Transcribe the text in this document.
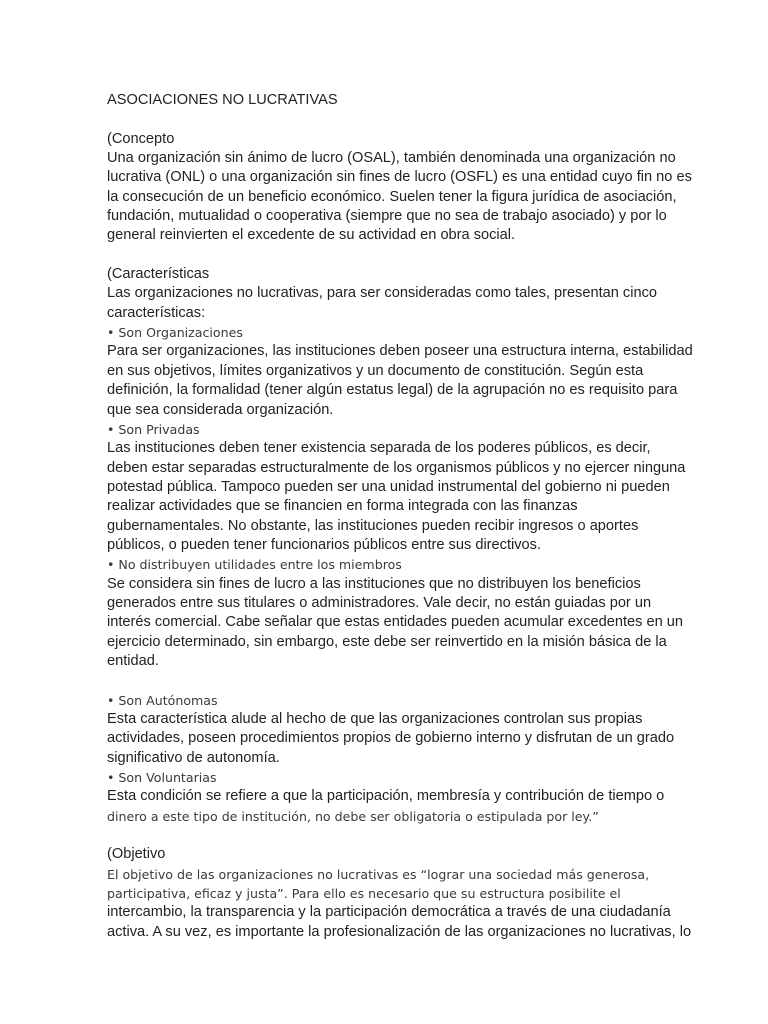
ASOCIACIONES NO LUCRATIVAS
(Concepto
Una organización sin ánimo de lucro (OSAL), también denominada una organización no
lucrativa (ONL) o una organización sin fines de lucro (OSFL) es una entidad cuyo fin no es
la consecución de un beneficio económico. Suelen tener la figura jurídica de asociación,
fundación, mutualidad o cooperativa (siempre que no sea de trabajo asociado) y por lo
general reinvierten el excedente de su actividad en obra social.
(Características
Las organizaciones no lucrativas, para ser consideradas como tales, presentan cinco
características:
• Son Organizaciones
Para ser organizaciones, las instituciones deben poseer una estructura interna, estabilidad
en sus objetivos, límites organizativos y un documento de constitución. Según esta
definición, la formalidad (tener algún estatus legal) de la agrupación no es requisito para
que sea considerada organización.
• Son Privadas
Las instituciones deben tener existencia separada de los poderes públicos, es decir,
deben estar separadas estructuralmente de los organismos públicos y no ejercer ninguna
potestad pública. Tampoco pueden ser una unidad instrumental del gobierno ni pueden
realizar actividades que se financien en forma integrada con las finanzas
gubernamentales. No obstante, las instituciones pueden recibir ingresos o aportes
públicos, o pueden tener funcionarios públicos entre sus directivos.
• No distribuyen utilidades entre los miembros
Se considera sin fines de lucro a las instituciones que no distribuyen los beneficios
generados entre sus titulares o administradores. Vale decir, no están guiadas por un
interés comercial. Cabe señalar que estas entidades pueden acumular excedentes en un
ejercicio determinado, sin embargo, este debe ser reinvertido en la misión básica de la
entidad.
• Son Autónomas
Esta característica alude al hecho de que las organizaciones controlan sus propias
actividades, poseen procedimientos propios de gobierno interno y disfrutan de un grado
significativo de autonomía.
• Son Voluntarias
Esta condición se refiere a que la participación, membresía y contribución de tiempo o
dinero a este tipo de institución, no debe ser obligatoria o estipulada por ley.”
(Objetivo
El objetivo de las organizaciones no lucrativas es “lograr una sociedad más generosa,
participativa, eficaz y justa”. Para ello es necesario que su estructura posibilite el
intercambio, la transparencia y la participación democrática a través de una ciudadanía
activa. A su vez, es importante la profesionalización de las organizaciones no lucrativas, lo
